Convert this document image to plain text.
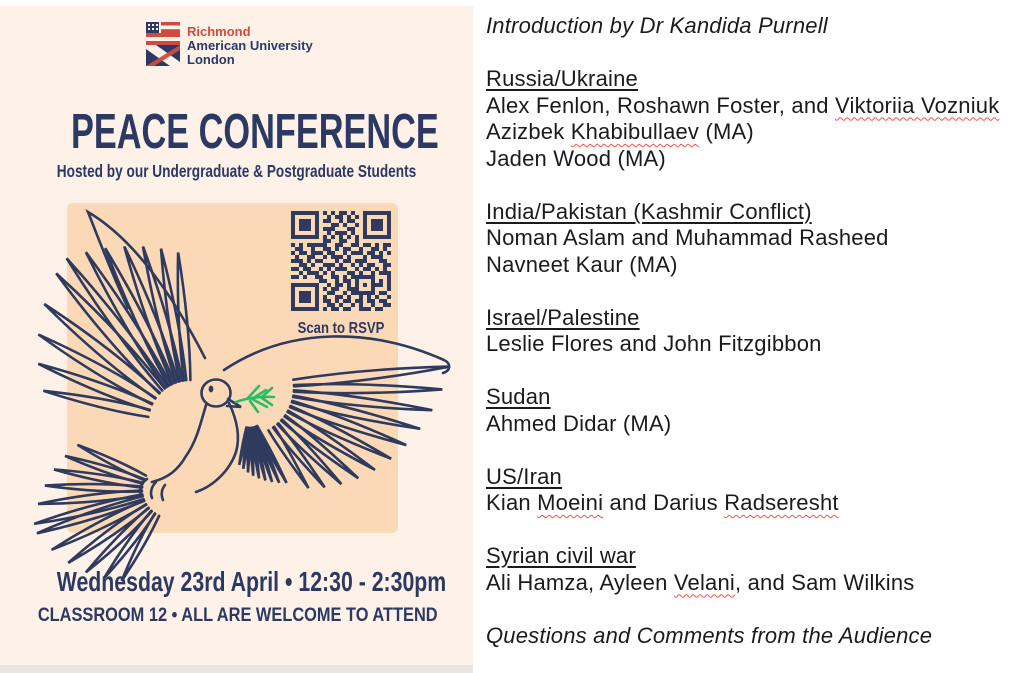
Richmond
American University
London
PEACE CONFERENCE
Hosted by our Undergraduate & Postgraduate Students
Scan to RSVP
Wednesday 23rd April • 12:30 - 2:30pm
CLASSROOM 12 • ALL ARE WELCOME TO ATTEND
Introduction by Dr Kandida Purnell
Russia/Ukraine
Alex Fenlon, Roshawn Foster, and Viktoriia Vozniuk
Azizbek Khabibullaev (MA)
Jaden Wood (MA)
India/Pakistan (Kashmir Conflict)
Noman Aslam and Muhammad Rasheed
Navneet Kaur (MA)
Israel/Palestine
Leslie Flores and John Fitzgibbon
Sudan
Ahmed Didar (MA)
US/Iran
Kian Moeini and Darius Radseresht
Syrian civil war
Ali Hamza, Ayleen Velani, and Sam Wilkins
Questions and Comments from the Audience
